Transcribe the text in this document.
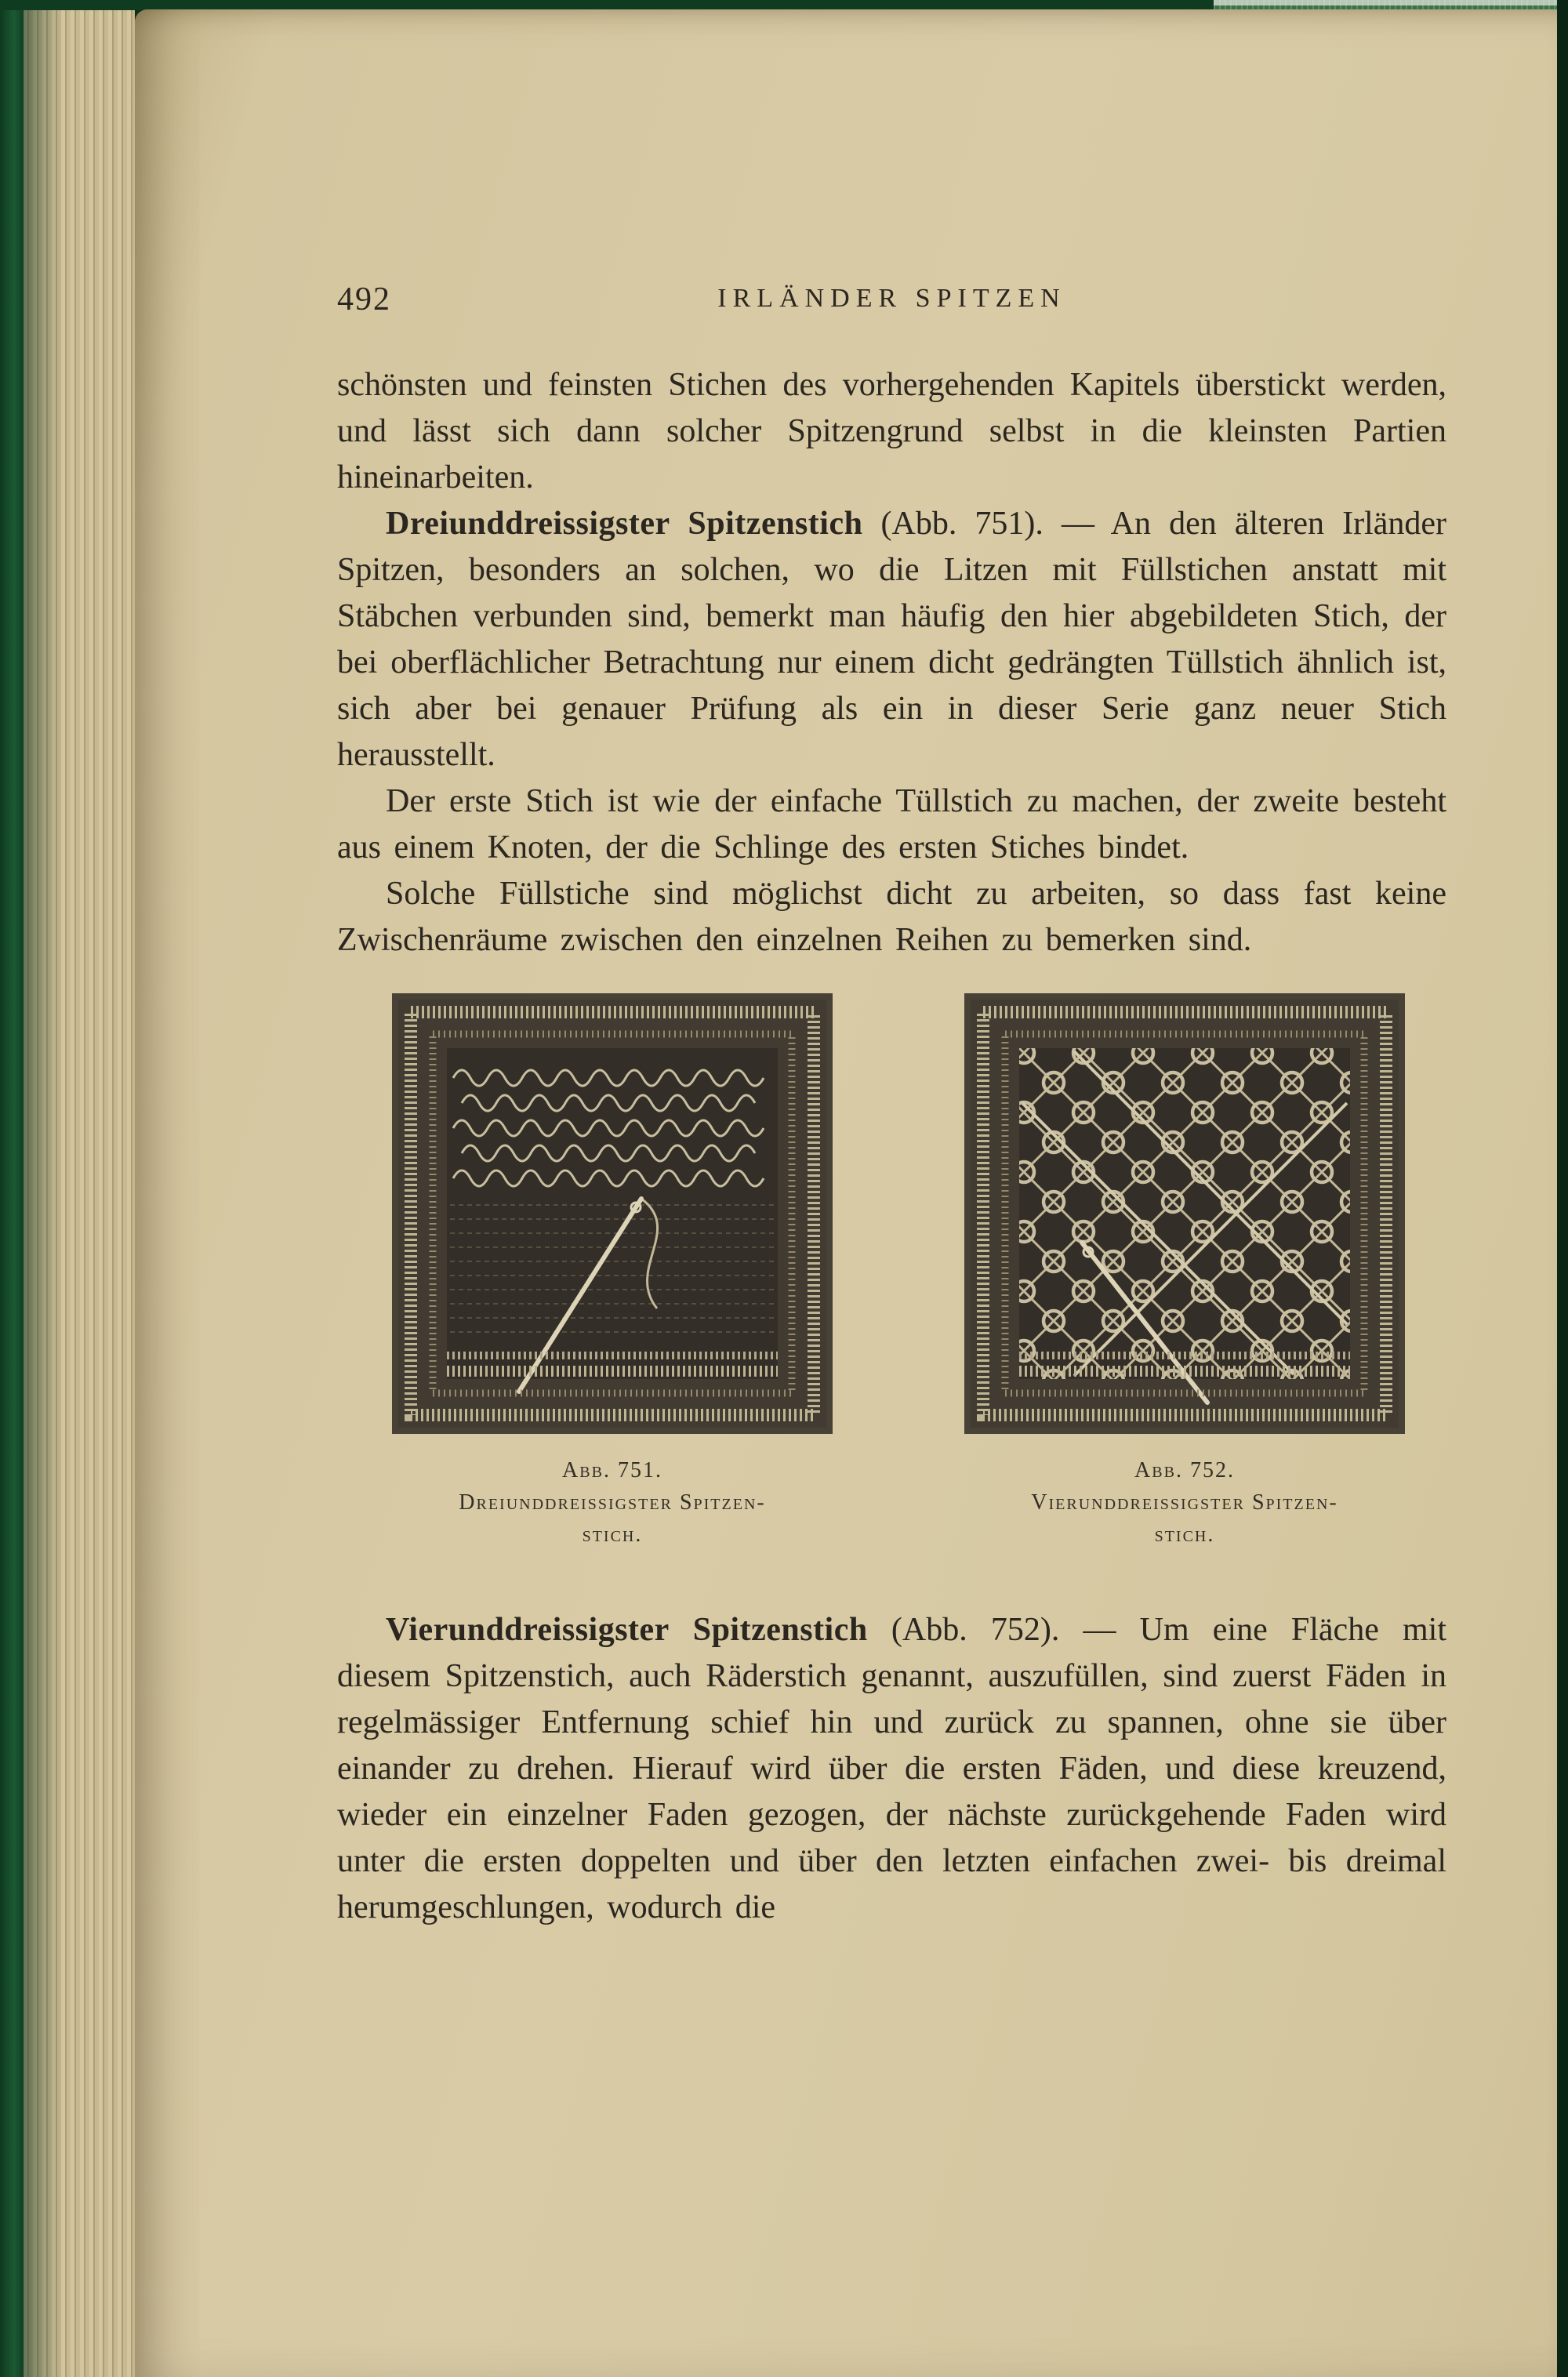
492	IRLÄNDER SPITZEN

schönsten und feinsten Stichen des vorhergehenden Kapitels überstickt werden, und lässt sich dann solcher Spitzengrund selbst in die kleinsten Partien hineinarbeiten.

Dreiunddreissigster Spitzenstich (Abb. 751). — An den älteren Irländer Spitzen, besonders an solchen, wo die Litzen mit Füllstichen anstatt mit Stäbchen verbunden sind, bemerkt man häufig den hier abgebildeten Stich, der bei oberflächlicher Betrachtung nur einem dicht gedrängten Tüllstich ähnlich ist, sich aber bei genauer Prüfung als ein in dieser Serie ganz neuer Stich herausstellt.

Der erste Stich ist wie der einfache Tüllstich zu machen, der zweite besteht aus einem Knoten, der die Schlinge des ersten Stiches bindet.

Solche Füllstiche sind möglichst dicht zu arbeiten, so dass fast keine Zwischenräume zwischen den einzelnen Reihen zu bemerken sind.

Abb. 751.
Dreiunddreissigster Spitzen-
stich.
Abb. 752.
Vierunddreissigster Spitzen-
stich.

Vierunddreissigster Spitzenstich (Abb. 752). — Um eine Fläche mit diesem Spitzenstich, auch Räderstich genannt, auszufüllen, sind zuerst Fäden in regelmässiger Entfernung schief hin und zurück zu spannen, ohne sie über einander zu drehen. Hierauf wird über die ersten Fäden, und diese kreuzend, wieder ein einzelner Faden gezogen, der nächste zurückgehende Faden wird unter die ersten doppelten und über den letzten einfachen zwei- bis dreimal herumgeschlungen, wodurch die
